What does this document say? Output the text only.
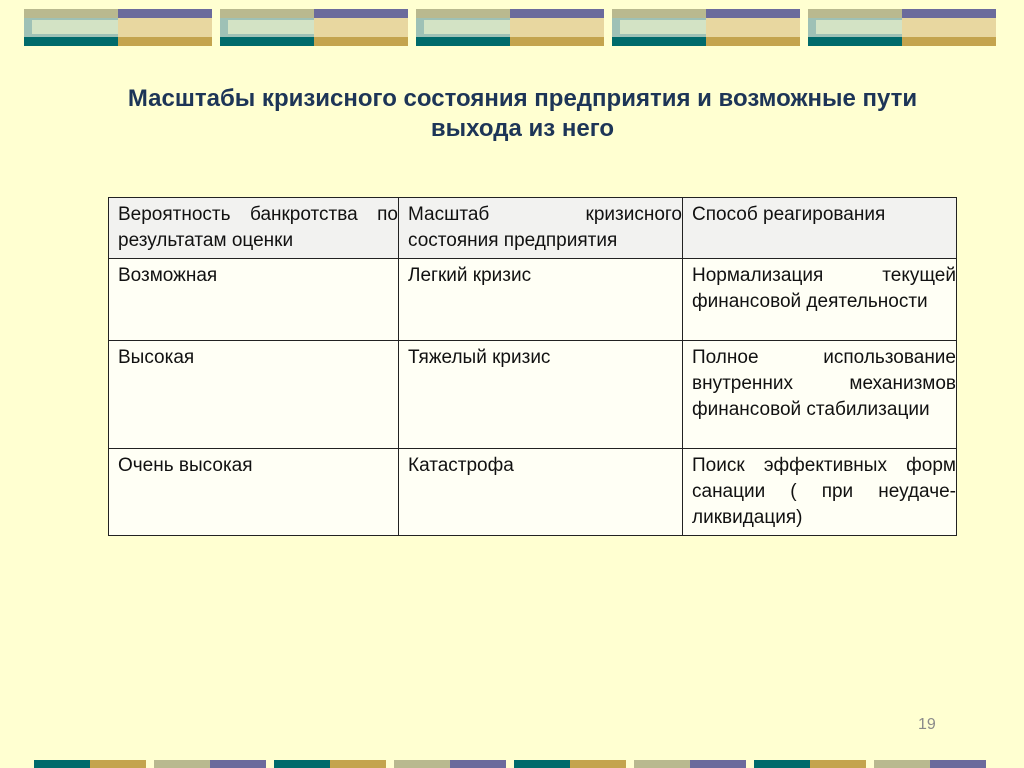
Масштабы кризисного состояния предприятия и возможные пути
выхода из него
Вероятность банкротства по результатам оценки	Масштаб кризисного состояния предприятия	Способ реагирования
Возможная	Легкий кризис	Нормализация текущей финансовой деятельности
Высокая	Тяжелый кризис	Полное использование внутренних механизмов финансовой стабилизации
Очень высокая	Катастрофа	Поиск эффективных форм санации ( при неудаче-ликвидация)
19
